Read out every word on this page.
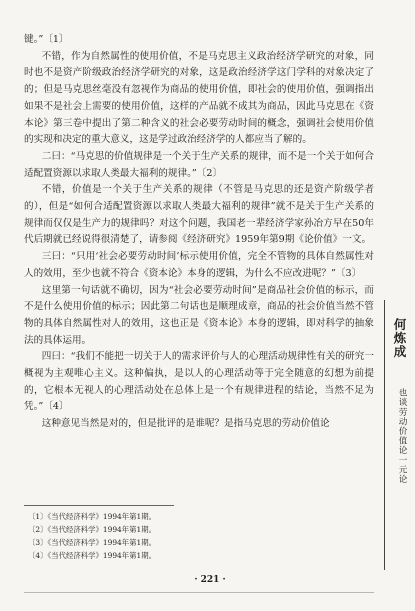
键。”〔1〕

不错，作为自然属性的使用价值，不是马克思主义政治经济学研究的对象，同时也不是资产阶级政治经济学研究的对象，这是政治经济学这门学科的对象决定了的；但是马克思丝毫没有忽视作为商品的使用价值，即社会的使用价值，强调指出如果不是社会上需要的使用价值，这样的产品就不成其为商品，因此马克思在《资本论》第三卷中提出了第二种含义的社会必要劳动时间的概念，强调社会使用价值的实现和决定的重大意义，这是学过政治经济学的人都应当了解的。

二曰：“马克思的价值规律是一个关于生产关系的规律，而不是一个关于如何合适配置资源以求取人类最大福利的规律。”〔2〕

不错，价值是一个关于生产关系的规律（不管是马克思的还是资产阶级学者的），但是“如何合适配置资源以求取人类最大福利的规律”就不是关于生产关系的规律而仅仅是生产力的规律吗？对这个问题，我国老一辈经济学家孙冶方早在50年代后期就已经说得很清楚了，请参阅《经济研究》1959年第9期《论价值》一文。

三曰：“只用‘社会必要劳动时间’标示使用价值，完全不管物的具体自然属性对人的效用，至少也就不符合《资本论》本身的逻辑，为什么不应改进呢？”〔3〕

这里第一句话就不确切，因为“社会必要劳动时间”是商品社会价值的标示，而不是什么使用价值的标示；因此第二句话也是顺理成章，商品的社会价值当然不管物的具体自然属性对人的效用，这也正是《资本论》本身的逻辑，即对科学的抽象法的具体运用。

四曰：“我们不能把一切关于人的需求评价与人的心理活动规律性有关的研究一概视为主观唯心主义。这种偏执，是以人的心理活动等于完全随意的幻想为前提的，它根本无视人的心理活动处在总体上是一个有规律进程的结论，当然不足为凭。”〔4〕

这种意见当然是对的，但是批评的是谁呢？是指马克思的劳动价值论

〔1〕《当代经济科学》1994年第1期。
〔2〕《当代经济科学》1994年第1期。
〔3〕《当代经济科学》1994年第1期。
〔4〕《当代经济科学》1994年第1期。
· 221 ·
何炼成
也谈劳动价值论一元论
